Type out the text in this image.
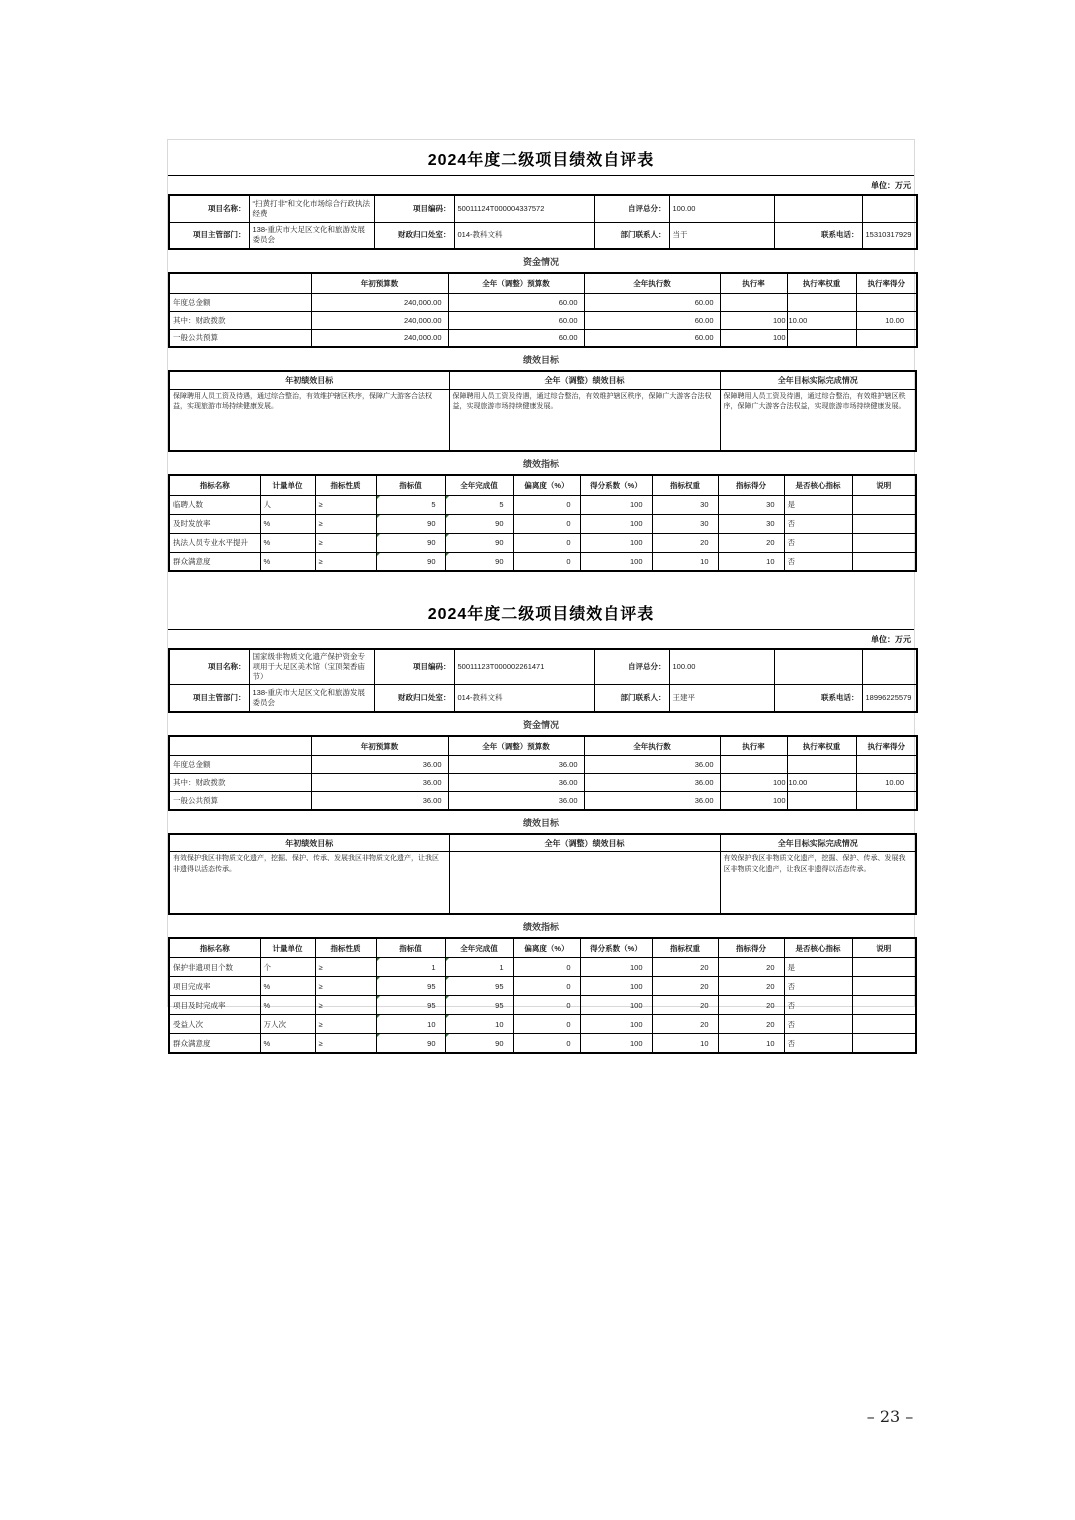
2024年度二级项目绩效自评表
单位：万元
项目名称：	“扫黄打非”和文化市场综合行政执法经费	项目编码：	50011124T000004337572	自评总分：	100.00		
项目主管部门：	138-重庆市大足区文化和旅游发展委员会	财政归口处室：	014-教科文科	部门联系人：	当于	联系电话：	15310317929
资金情况
	年初预算数	全年（调整）预算数	全年执行数	执行率	执行率权重	执行率得分
年度总金额	240,000.00	60.00	60.00			
其中：财政拨款	240,000.00	60.00	60.00	100	10.00	10.00
一般公共预算	240,000.00	60.00	60.00	100		
绩效目标
年初绩效目标	全年（调整）绩效目标	全年目标实际完成情况
保障聘用人员工资及待遇，通过综合整治，有效维护辖区秩序，保障广大游客合法权益，实现旅游市场持续健康发展。	保障聘用人员工资及待遇，通过综合整治，有效维护辖区秩序，保障广大游客合法权益，实现旅游市场持续健康发展。	保障聘用人员工资及待遇，通过综合整治，有效维护辖区秩序，保障广大游客合法权益，实现旅游市场持续健康发展。
绩效指标
指标名称	计量单位	指标性质	指标值	全年完成值	偏离度（%）	得分系数（%）	指标权重	指标得分	是否核心指标	说明
临聘人数	人	≥	5	5	0	100	30	30	是	
及时发放率	%	≥	90	90	0	100	30	30	否	
执法人员专业水平提升	%	≥	90	90	0	100	20	20	否	
群众满意度	%	≥	90	90	0	100	10	10	否	
2024年度二级项目绩效自评表
单位：万元
项目名称：	国家级非物质文化遗产保护资金专项用于大足区美术馆（宝顶架香庙节）	项目编码：	50011123T000002261471	自评总分：	100.00		
项目主管部门：	138-重庆市大足区文化和旅游发展委员会	财政归口处室：	014-教科文科	部门联系人：	王建平	联系电话：	18996225579
资金情况
	年初预算数	全年（调整）预算数	全年执行数	执行率	执行率权重	执行率得分
年度总金额	36.00	36.00	36.00			
其中：财政拨款	36.00	36.00	36.00	100	10.00	10.00
一般公共预算	36.00	36.00	36.00	100		
绩效目标
年初绩效目标	全年（调整）绩效目标	全年目标实际完成情况
有效保护我区非物质文化遗产，挖掘、保护、传承、发展我区非物质文化遗产，让我区非遗得以活态传承。		有效保护我区非物质文化遗产，挖掘、保护、传承、发展我区非物质文化遗产，让我区非遗得以活态传承。
绩效指标
指标名称	计量单位	指标性质	指标值	全年完成值	偏离度（%）	得分系数（%）	指标权重	指标得分	是否核心指标	说明
保护非遗项目个数	个	≥	1	1	0	100	20	20	是	
项目完成率	%	≥	95	95	0	100	20	20	否	
项目及时完成率	%	≥	95	95	0	100	20	20	否	
受益人次	万人次	≥	10	10	0	100	20	20	否	
群众满意度	%	≥	90	90	0	100	10	10	否	
– 23 –
